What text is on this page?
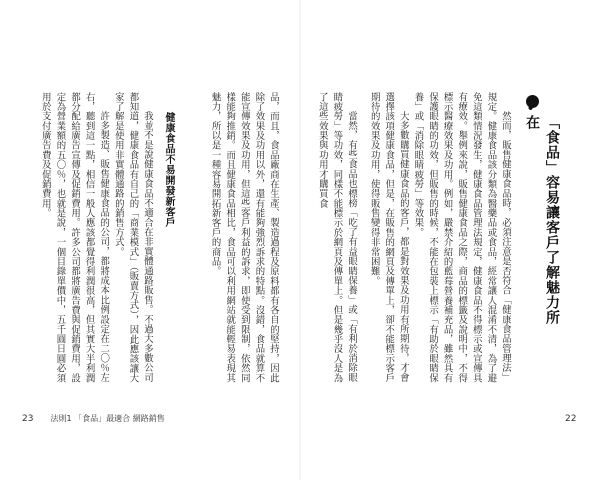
「食品」容易讓客戶了解魅力所在

然而，販售健康食品時，必須注意是否符合「健康食品管理法」規定。健康食品該分類為醫藥品或食品，經常讓人混淆不清，為了避免這類情況發生，健康食品管理法規定，健康食品不得標示或宣傳具有療效。舉例來說，販售健康食品之際，商品的標籤及說明中，不得標示醫療效果及功用。例如，嚴禁介紹的藍莓營養補充品，雖然具有保護眼睛的功效，但販售的時候，不能在包裝上標示「有助於眼睛保養」或「消除眼睛疲勞」等效果。

大多數購買健康食品的客戶，都是對效果及功用有所期待，才會選擇該項健康食品，但是，在販售的網頁及傳單上，卻不能標示客戶期待的效果及功用，使得販售變得非常困難。

當然，有些食品也標榜「吃了有益眼睛保養」或「有利於消除眼睛疲勞」等功效，同樣不能標示於網頁及傳單上。但是幾乎沒人是為了這些效果與功用才購買食

22

品，而且，食品廠商在生產、製造過程及原料都有各自的堅持，因此除了效果及功用以外，還有能夠強烈訴求的特點。沒錯，食品就算不能宣傳效果及功用，但這些客戶利益的訴求，即使受到限制，依然同樣能夠推銷。而且健康食品相比，食品可以利用網站就能輕易表現其魅力，所以是一種容易開拓新客戶的商品。

健康食品不易開發新客戶

我並不是說健康食品不適合在非實體通路販售。不過大多數公司都知道，健康食品有自己的「商業模式」（販賣方式），因此應該讓大家了解是使用非實體通路的銷售方式。

許多製造、販售健康食品的公司，都將成本比例設定在二〇％左右，聽到這一點，相信一般人應該都覺得利潤很高，但其實大半利潤都分配給廣告宣傳及促銷費用。許多公司都將廣告費與促銷費用，設定為營業額的五〇％，也就是說，一個目錄單價中，五千圓日圓必須用於支付廣告費及促銷費用。

23 法則1 「食品」最適合 網路銷售
